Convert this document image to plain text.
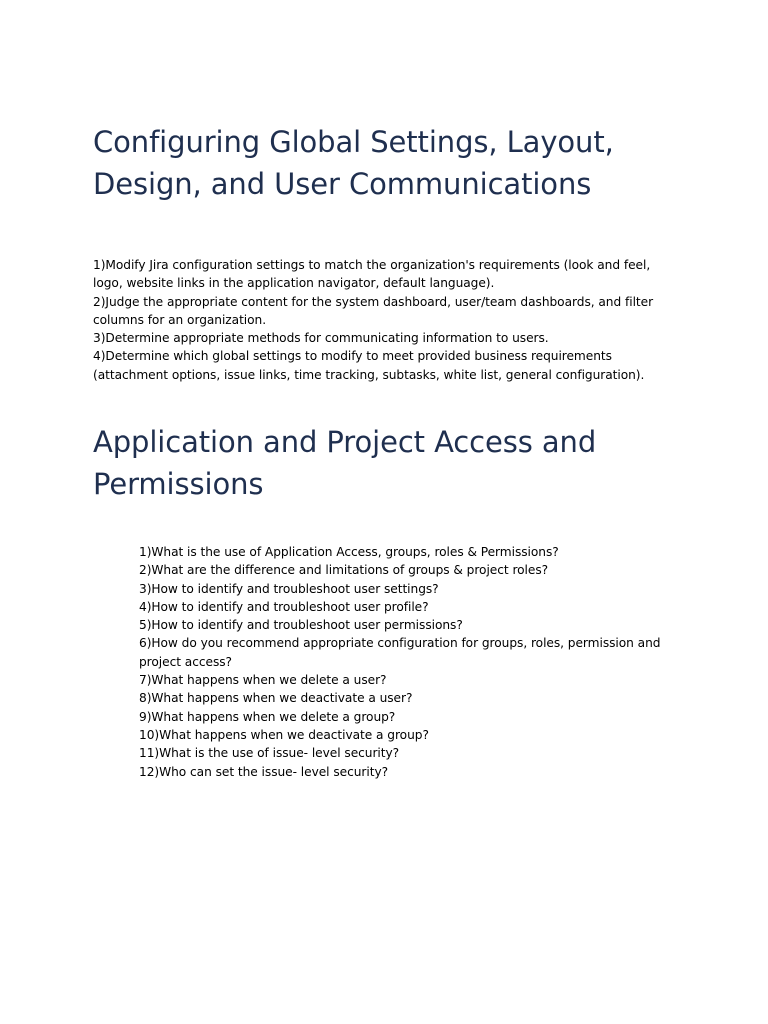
Configuring Global Settings, Layout, Design, and User Communications
1)Modify Jira configuration settings to match the organization's requirements (look and feel, logo, website links in the application navigator, default language).
2)Judge the appropriate content for the system dashboard, user/team dashboards, and filter columns for an organization.
3)Determine appropriate methods for communicating information to users.
4)Determine which global settings to modify to meet provided business requirements (attachment options, issue links, time tracking, subtasks, white list, general configuration).
Application and Project Access and Permissions
1)What is the use of Application Access, groups, roles & Permissions?
2)What are the difference and limitations of groups & project roles?
3)How to identify and troubleshoot user settings?
4)How to identify and troubleshoot user profile?
5)How to identify and troubleshoot user permissions?
6)How do you recommend appropriate configuration for groups, roles, permission and project access?
7)What happens when we delete a user?
8)What happens when we deactivate a user?
9)What happens when we delete a group?
10)What happens when we deactivate a group?
11)What is the use of issue- level security?
12)Who can set the issue- level security?
